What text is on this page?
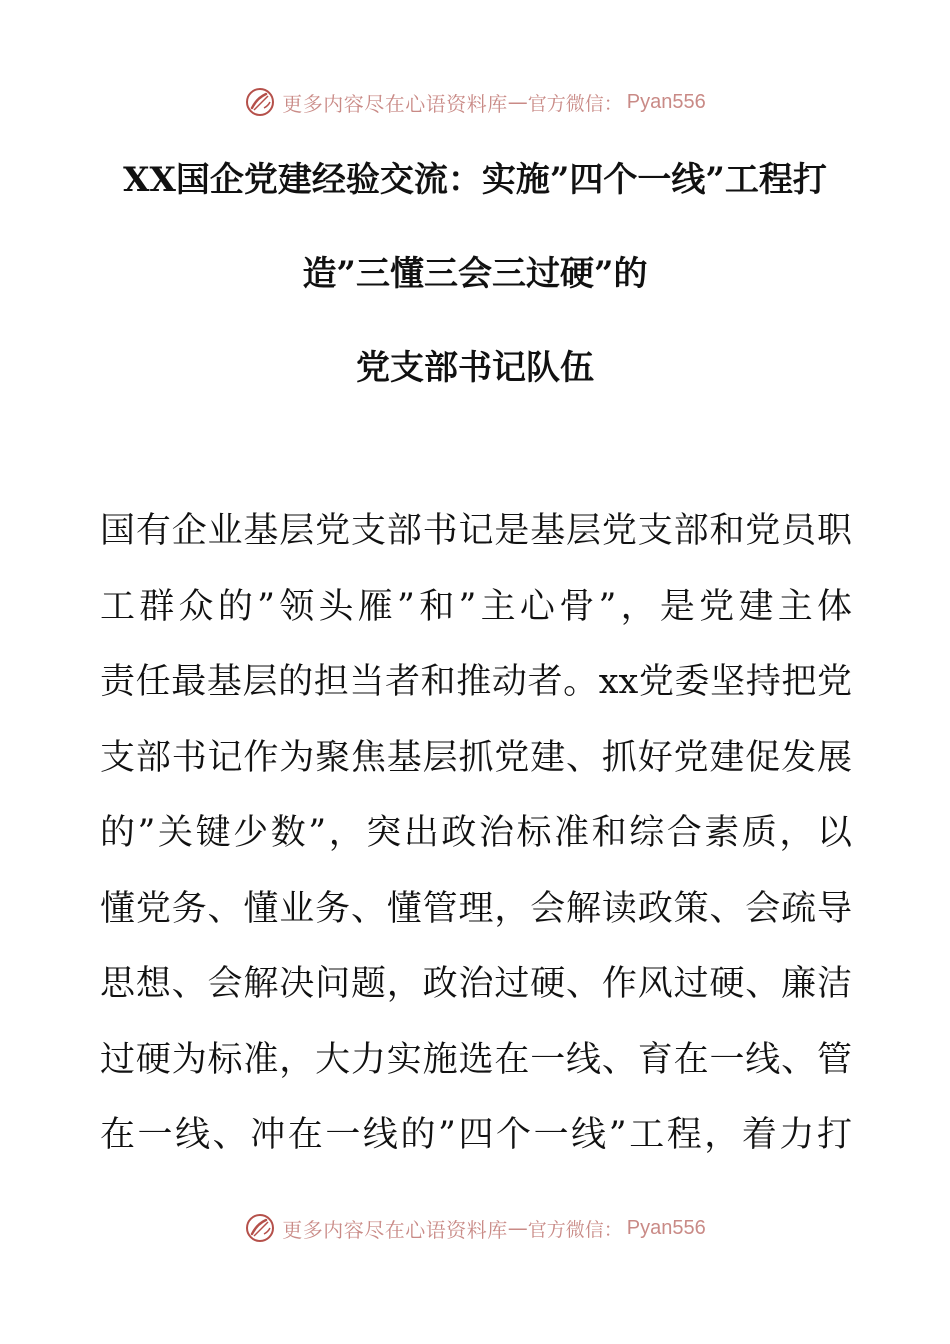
更多内容尽在心语资料库 — 官方微信： Pyan556
XX国企党建经验交流：实施”四个一线”工程打
造”三懂三会三过硬”的
党支部书记队伍
国有企业基层党支部书记是基层党支部和党员职
工群众的”领头雁”和”主心骨”，是党建主体
责任最基层的担当者和推动者。xx党委坚持把党
支部书记作为聚焦基层抓党建、抓好党建促发展
的”关键少数”，突出政治标准和综合素质，以
懂党务、懂业务、懂管理，会解读政策、会疏导
思想、会解决问题，政治过硬、作风过硬、廉洁
过硬为标准，大力实施选在一线、育在一线、管
在一线、冲在一线的”四个一线”工程，着力打
更多内容尽在心语资料库 — 官方微信： Pyan556
